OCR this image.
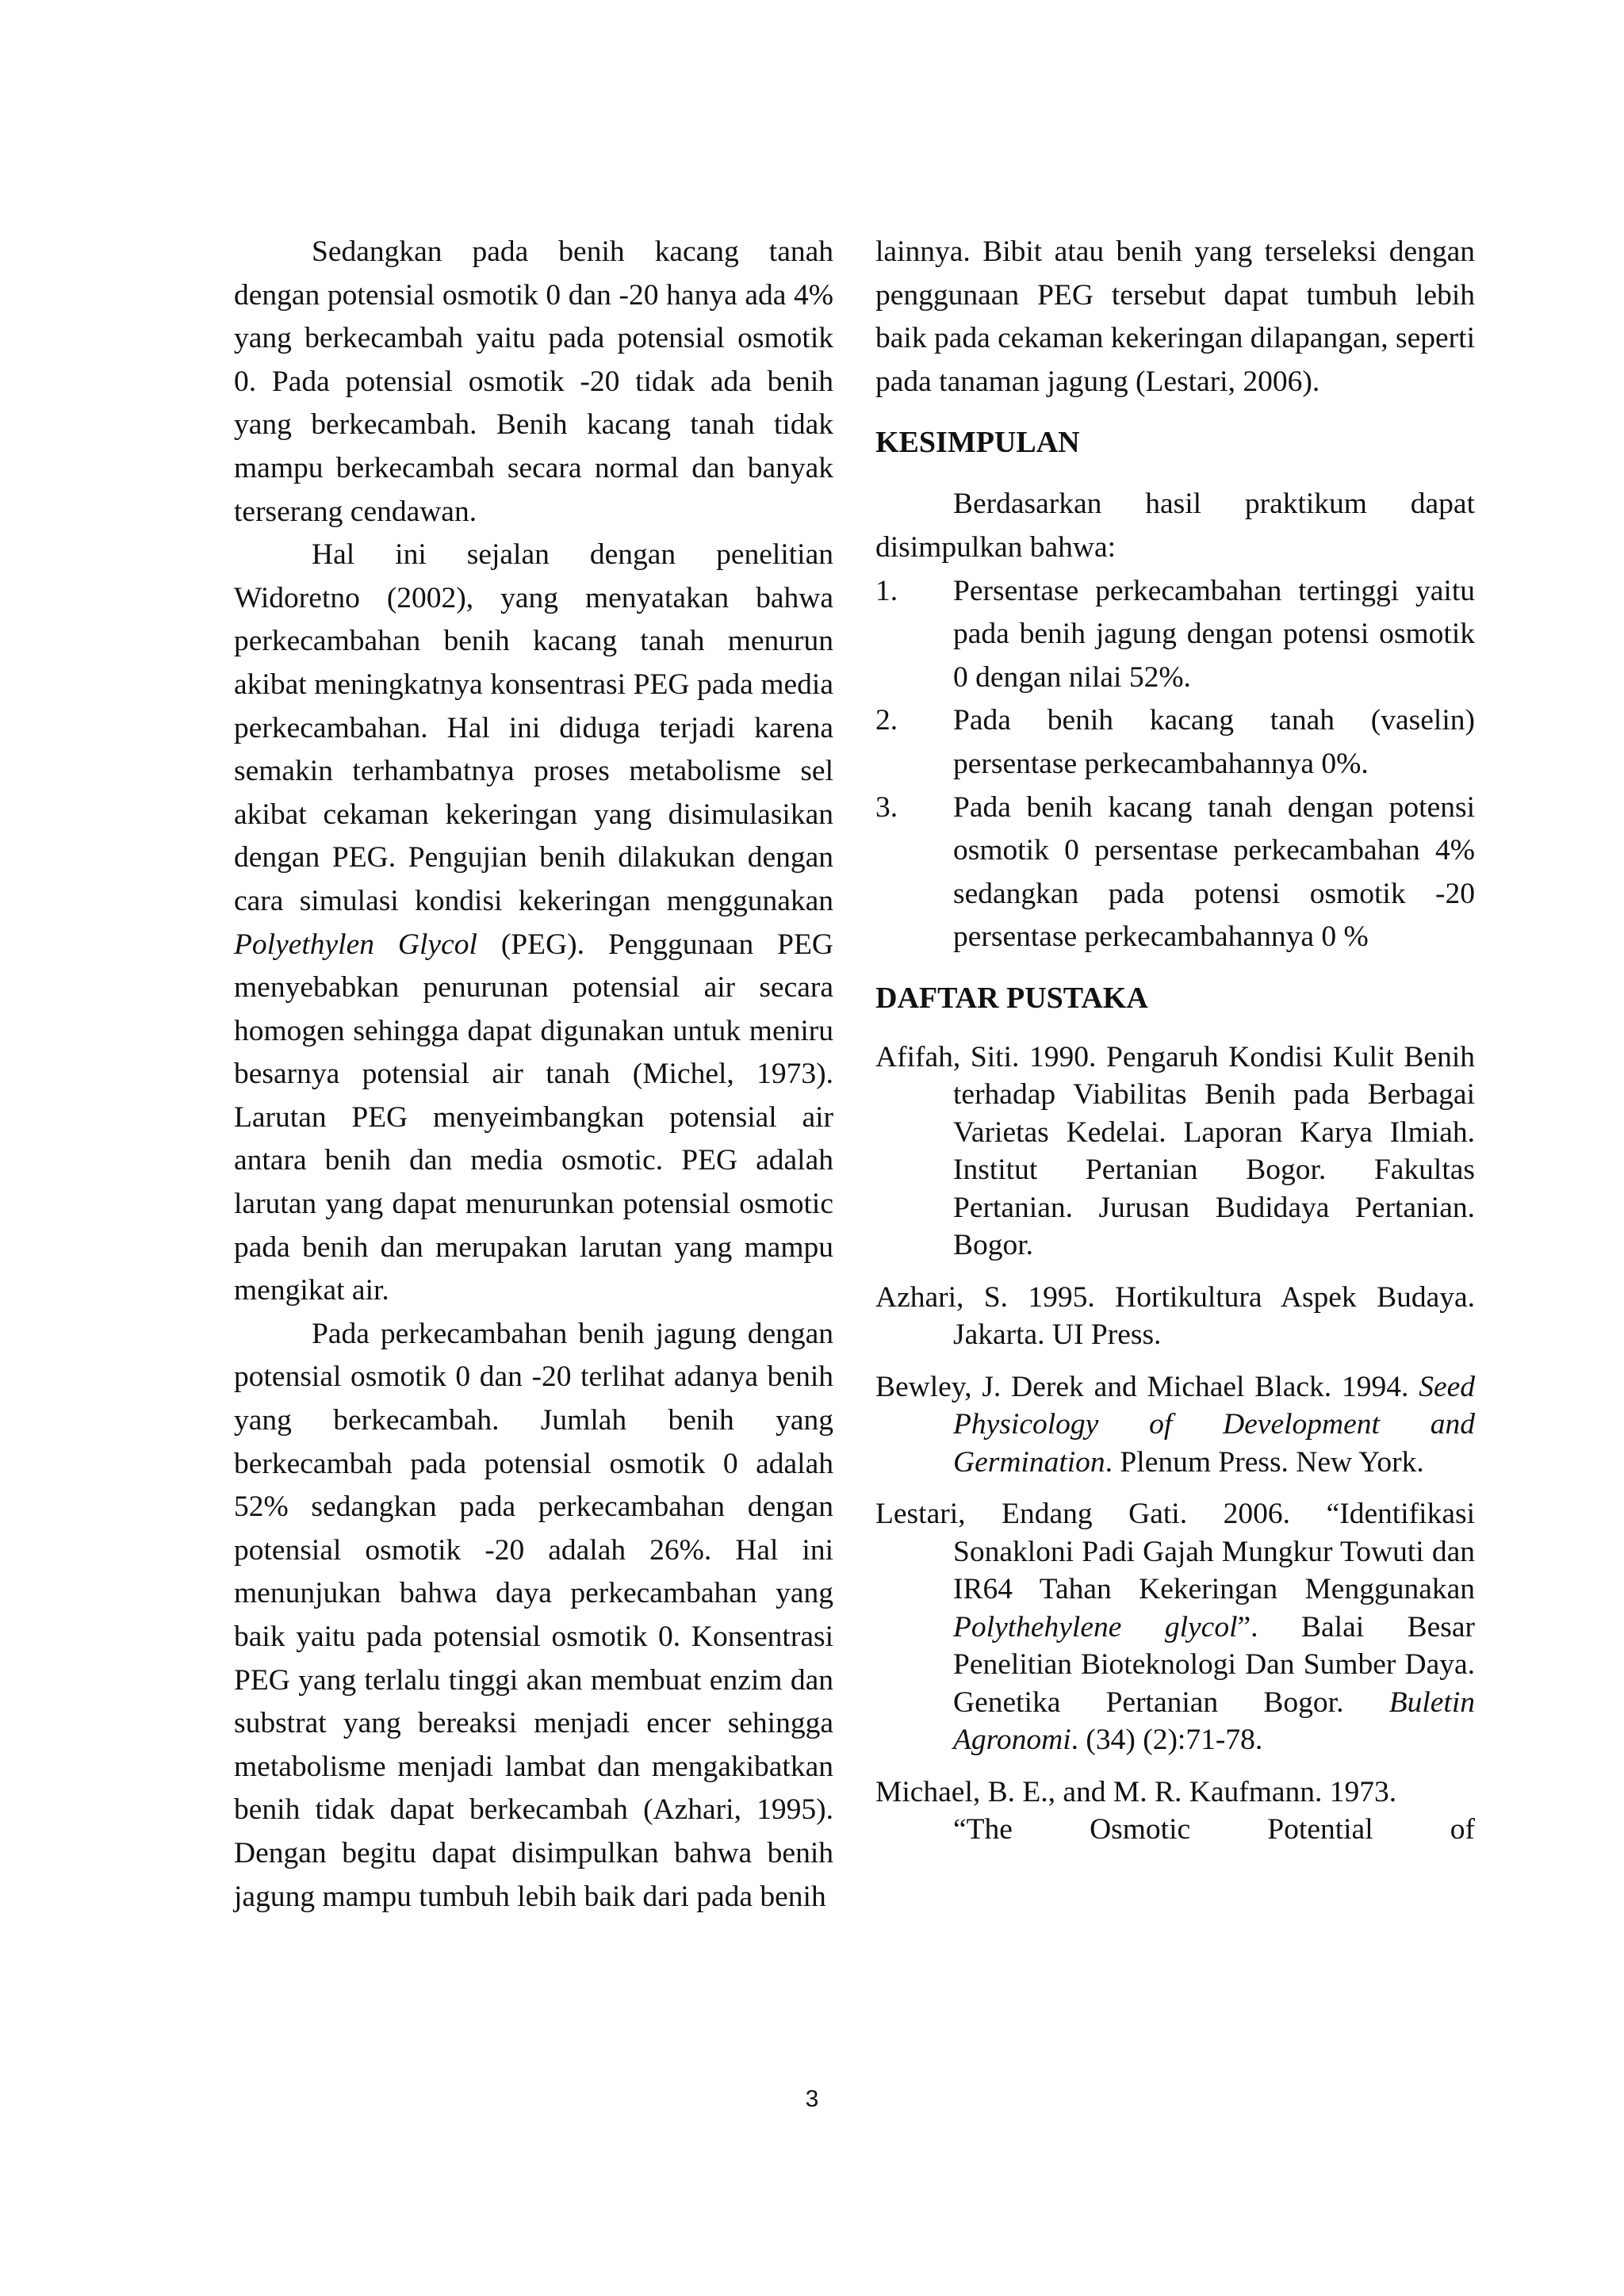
Sedangkan pada benih kacang tanah dengan potensial osmotik 0 dan -20 hanya ada 4% yang berkecambah yaitu pada potensial osmotik 0. Pada potensial osmotik -20 tidak ada benih yang berkecambah. Benih kacang tanah tidak mampu berkecambah secara normal dan banyak terserang cendawan.

Hal ini sejalan dengan penelitian Widoretno (2002), yang menyatakan bahwa perkecambahan benih kacang tanah menurun akibat meningkatnya konsentrasi PEG pada media perkecambahan. Hal ini diduga terjadi karena semakin terhambatnya proses metabolisme sel akibat cekaman kekeringan yang disimulasikan dengan PEG. Pengujian benih dilakukan dengan cara simulasi kondisi kekeringan menggunakan Polyethylen Glycol (PEG). Penggunaan PEG menyebabkan penurunan potensial air secara homogen sehingga dapat digunakan untuk meniru besarnya potensial air tanah (Michel, 1973). Larutan PEG menyeimbangkan potensial air antara benih dan media osmotic. PEG adalah larutan yang dapat menurunkan potensial osmotic pada benih dan merupakan larutan yang mampu mengikat air.

Pada perkecambahan benih jagung dengan potensial osmotik 0 dan -20 terlihat adanya benih yang berkecambah. Jumlah benih yang berkecambah pada potensial osmotik 0 adalah 52% sedangkan pada perkecambahan dengan potensial osmotik -20 adalah 26%. Hal ini menunjukan bahwa daya perkecambahan yang baik yaitu pada potensial osmotik 0. Konsentrasi PEG yang terlalu tinggi akan membuat enzim dan substrat yang bereaksi menjadi encer sehingga metabolisme menjadi lambat dan mengakibatkan benih tidak dapat berkecambah (Azhari, 1995). Dengan begitu dapat disimpulkan bahwa benih jagung mampu tumbuh lebih baik dari pada benih

lainnya. Bibit atau benih yang terseleksi dengan penggunaan PEG tersebut dapat tumbuh lebih baik pada cekaman kekeringan dilapangan, seperti pada tanaman jagung (Lestari, 2006).

KESIMPULAN

Berdasarkan hasil praktikum dapat disimpulkan bahwa:

1. Persentase perkecambahan tertinggi yaitu pada benih jagung dengan potensi osmotik 0 dengan nilai 52%.
2. Pada benih kacang tanah (vaselin) persentase perkecambahannya 0%.
3. Pada benih kacang tanah dengan potensi osmotik 0 persentase perkecambahan 4% sedangkan pada potensi osmotik -20 persentase perkecambahannya 0 %
DAFTAR PUSTAKA

Afifah, Siti. 1990. Pengaruh Kondisi Kulit Benih terhadap Viabilitas Benih pada Berbagai Varietas Kedelai. Laporan Karya Ilmiah. Institut Pertanian Bogor. Fakultas Pertanian. Jurusan Budidaya Pertanian. Bogor.

Azhari, S. 1995. Hortikultura Aspek Budaya. Jakarta. UI Press.

Bewley, J. Derek and Michael Black. 1994. Seed Physicology of Development and Germination. Plenum Press. New York.

Lestari, Endang Gati. 2006. “Identifikasi Sonakloni Padi Gajah Mungkur Towuti dan IR64 Tahan Kekeringan Menggunakan Polythehylene glycol”. Balai Besar Penelitian Bioteknologi Dan Sumber Daya. Genetika Pertanian Bogor. Buletin Agronomi. (34) (2):71-78.

Michael, B. E., and M. R. Kaufmann. 1973.

“The Osmotic Potential of

3
